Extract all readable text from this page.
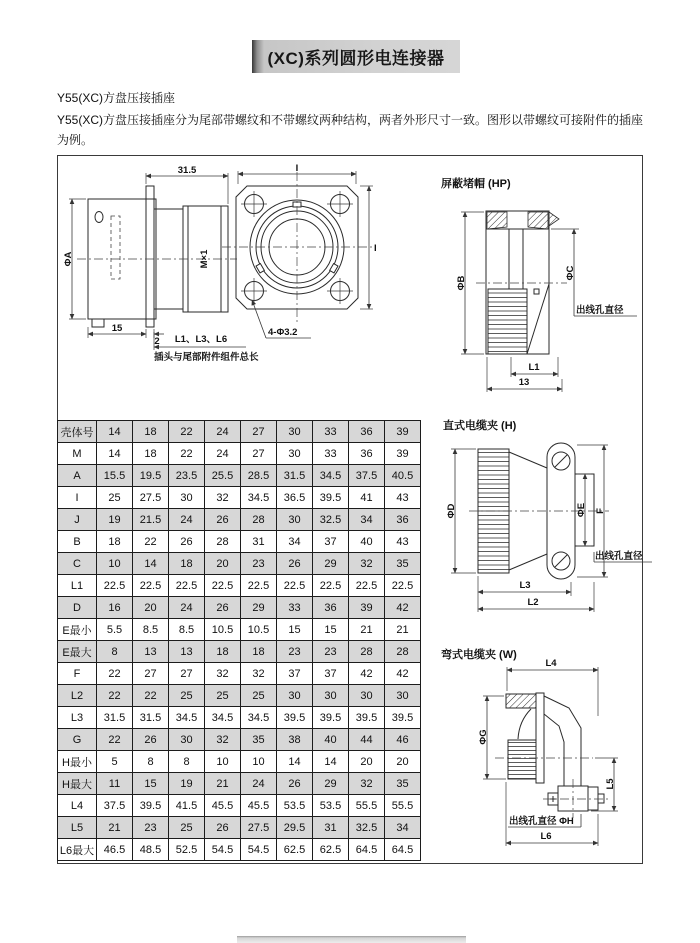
(XC)系列圆形电连接器
Y55(XC)方盘压接插座
Y55(XC)方盘压接插座分为尾部带螺纹和不带螺纹两种结构，两者外形尺寸一致。图形以带螺纹可接附件的插座为例。
31.5
ΦA	M×1
15
2 L1、L3、L6
插头与尾部附件组件总长
I
I
4-Φ3.2
屏蔽堵帽 (HP)
ΦB
ΦC
出线孔直径
L1
13
直式电缆夹 (H)
ΦD	ΦE F
出线孔直径
L3
L2
弯式电缆夹 (W)
L4
ΦG
L5
出线孔直径 ΦH
L6
壳体号	14	18	22	24	27	30	33	36	39
M	14	18	22	24	27	30	33	36	39
A	15.5	19.5	23.5	25.5	28.5	31.5	34.5	37.5	40.5
I	25	27.5	30	32	34.5	36.5	39.5	41	43
J	19	21.5	24	26	28	30	32.5	34	36
B	18	22	26	28	31	34	37	40	43
C	10	14	18	20	23	26	29	32	35
L1	22.5	22.5	22.5	22.5	22.5	22.5	22.5	22.5	22.5
D	16	20	24	26	29	33	36	39	42
E最小	5.5	8.5	8.5	10.5	10.5	15	15	21	21
E最大	8	13	13	18	18	23	23	28	28
F	22	27	27	32	32	37	37	42	42
L2	22	22	25	25	25	30	30	30	30
L3	31.5	31.5	34.5	34.5	34.5	39.5	39.5	39.5	39.5
G	22	26	30	32	35	38	40	44	46
H最小	5	8	8	10	10	14	14	20	20
H最大	11	15	19	21	24	26	29	32	35
L4	37.5	39.5	41.5	45.5	45.5	53.5	53.5	55.5	55.5
L5	21	23	25	26	27.5	29.5	31	32.5	34
L6最大	46.5	48.5	52.5	54.5	54.5	62.5	62.5	64.5	64.5
